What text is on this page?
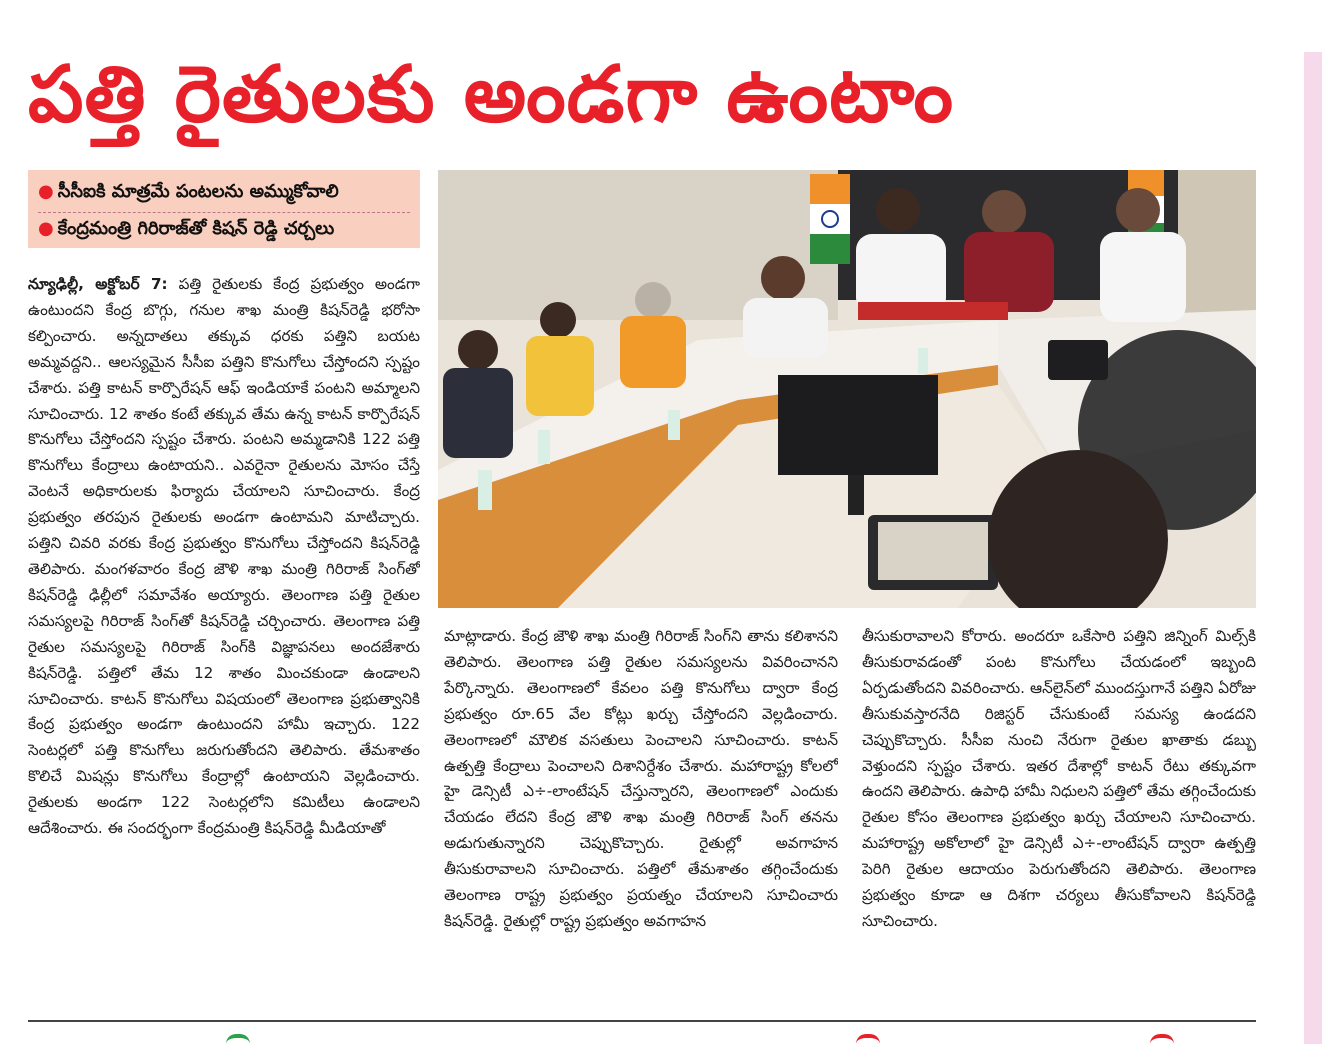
పత్తి రైతులకు అండగా ఉంటాం
● సీసీఐకి మాత్రమే పంటలను అమ్ముకోవాలి
● కేంద్రమంత్రి గిరిరాజ్‌తో కిషన్ రెడ్డి చర్చలు

న్యూఢిల్లీ, అక్టోబర్ 7: పత్తి రైతులకు కేంద్ర ప్రభుత్వం అండగా ఉంటుందని కేంద్ర బొగ్గు, గనుల శాఖ మంత్రి కిషన్‌రెడ్డి భరోసా కల్పించారు. అన్నదాతలు తక్కువ ధరకు పత్తిని బయట అమ్మవద్దని.. ఆలస్యమైన సీసీఐ పత్తిని కొనుగోలు చేస్తోందని స్పష్టం చేశారు. పత్తి కాటన్ కార్పొరేషన్ ఆఫ్ ఇండియాకే పంటని అమ్మాలని సూచించారు. 12 శాతం కంటే తక్కువ తేమ ఉన్న కాటన్ కార్పొరేషన్ కొనుగోలు చేస్తోందని స్పష్టం చేశారు. పంటని అమ్మడానికి 122 పత్తి కొనుగోలు కేంద్రాలు ఉంటాయని.. ఎవరైనా రైతులను మోసం చేస్తే వెంటనే అధికారులకు ఫిర్యాదు చేయాలని సూచించారు. కేంద్ర ప్రభుత్వం తరపున రైతులకు అండగా ఉంటామని మాటిచ్చారు. పత్తిని చివరి వరకు కేంద్ర ప్రభుత్వం కొనుగోలు చేస్తోందని కిషన్‌రెడ్డి తెలిపారు. మంగళవారం కేంద్ర జౌళి శాఖ మంత్రి గిరిరాజ్ సింగ్‌తో కిషన్‌రెడ్డి ఢిల్లీలో సమావేశం అయ్యారు. తెలంగాణ పత్తి రైతుల సమస్యలపై గిరిరాజ్ సింగ్‌తో కిషన్‌రెడ్డి చర్చించారు. తెలంగాణ పత్తి రైతుల సమస్యలపై గిరిరాజ్ సింగ్‌కి విజ్ఞాపనలు అందజేశారు కిషన్‌రెడ్డి. పత్తిలో తేమ 12 శాతం మించకుండా ఉండాలని సూచించారు. కాటన్ కొనుగోలు విషయంలో తెలంగాణ ప్రభుత్వానికి కేంద్ర ప్రభుత్వం అండగా ఉంటుందని హామీ ఇచ్చారు. 122 సెంటర్లలో పత్తి కొనుగోలు జరుగుతోందని తెలిపారు. తేమశాతం కొలిచే మిషన్లు కొనుగోలు కేంద్రాల్లో ఉంటాయని వెల్లడించారు. రైతులకు అండగా 122 సెంటర్లలోని కమిటీలు ఉండాలని ఆదేశించారు. ఈ సందర్భంగా కేంద్రమంత్రి కిషన్‌రెడ్డి మీడియాతో

మాట్లాడారు. కేంద్ర జౌళి శాఖ మంత్రి గిరిరాజ్ సింగ్‌ని తాను కలిశానని తెలిపారు. తెలంగాణ పత్తి రైతుల సమస్యలను వివరించానని పేర్కొన్నారు. తెలంగాణలో కేవలం పత్తి కొనుగోలు ద్వారా కేంద్ర ప్రభుత్వం రూ.65 వేల కోట్లు ఖర్చు చేస్తోందని వెల్లడించారు. తెలంగాణలో మౌలిక వసతులు పెంచాలని సూచించారు. కాటన్ ఉత్పత్తి కేంద్రాలు పెంచాలని దిశానిర్దేశం చేశారు. మహారాష్ట్ర కోలలో హై డెన్సిటీ ఎ÷-లాంటేషన్ చేస్తున్నారని, తెలంగాణలో ఎందుకు చేయడం లేదని కేంద్ర జౌళి శాఖ మంత్రి గిరిరాజ్ సింగ్ తనను అడుగుతున్నారని చెప్పుకొచ్చారు. రైతుల్లో అవగాహన తీసుకురావాలని సూచించారు. పత్తిలో తేమశాతం తగ్గించేందుకు తెలంగాణ రాష్ట్ర ప్రభుత్వం ప్రయత్నం చేయాలని సూచించారు కిషన్‌రెడ్డి. రైతుల్లో రాష్ట్ర ప్రభుత్వం అవగాహన

తీసుకురావాలని కోరారు. అందరూ ఒకేసారి పత్తిని జిన్నింగ్ మిల్స్‌కి తీసుకురావడంతో పంట కొనుగోలు చేయడంలో ఇబ్బంది ఏర్పడుతోందని వివరించారు. ఆన్‌లైన్‌లో ముందస్తుగానే పత్తిని ఏరోజు తీసుకువస్తారనేది రిజిస్టర్ చేసుకుంటే సమస్య ఉండదని చెప్పుకొచ్చారు. సీసీఐ నుంచి నేరుగా రైతుల ఖాతాకు డబ్బు వెళ్తుందని స్పష్టం చేశారు. ఇతర దేశాల్లో కాటన్ రేటు తక్కువగా ఉందని తెలిపారు. ఉపాధి హామీ నిధులని పత్తిలో తేమ తగ్గించేందుకు రైతుల కోసం తెలంగాణ ప్రభుత్వం ఖర్చు చేయాలని సూచించారు. మహారాష్ట్ర అకోలాలో హై డెన్సిటీ ఎ÷-లాంటేషన్ ద్వారా ఉత్పత్తి పెరిగి రైతుల ఆదాయం పెరుగుతోందని తెలిపారు. తెలంగాణ ప్రభుత్వం కూడా ఆ దిశగా చర్యలు తీసుకోవాలని కిషన్‌రెడ్డి సూచించారు.
